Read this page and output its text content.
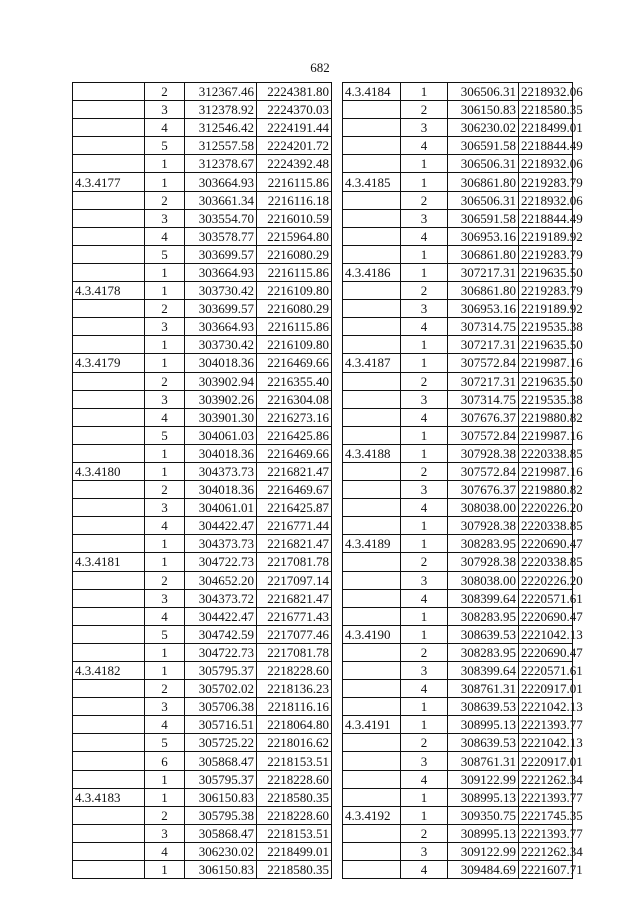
682
	2	312367.46	2224381.80
	3	312378.92	2224370.03
	4	312546.42	2224191.44
	5	312557.58	2224201.72
	1	312378.67	2224392.48
4.3.4177	1	303664.93	2216115.86
	2	303661.34	2216116.18
	3	303554.70	2216010.59
	4	303578.77	2215964.80
	5	303699.57	2216080.29
	1	303664.93	2216115.86
4.3.4178	1	303730.42	2216109.80
	2	303699.57	2216080.29
	3	303664.93	2216115.86
	1	303730.42	2216109.80
4.3.4179	1	304018.36	2216469.66
	2	303902.94	2216355.40
	3	303902.26	2216304.08
	4	303901.30	2216273.16
	5	304061.03	2216425.86
	1	304018.36	2216469.66
4.3.4180	1	304373.73	2216821.47
	2	304018.36	2216469.67
	3	304061.01	2216425.87
	4	304422.47	2216771.44
	1	304373.73	2216821.47
4.3.4181	1	304722.73	2217081.78
	2	304652.20	2217097.14
	3	304373.72	2216821.47
	4	304422.47	2216771.43
	5	304742.59	2217077.46
	1	304722.73	2217081.78
4.3.4182	1	305795.37	2218228.60
	2	305702.02	2218136.23
	3	305706.38	2218116.16
	4	305716.51	2218064.80
	5	305725.22	2218016.62
	6	305868.47	2218153.51
	1	305795.37	2218228.60
4.3.4183	1	306150.83	2218580.35
	2	305795.38	2218228.60
	3	305868.47	2218153.51
	4	306230.02	2218499.01
	1	306150.83	2218580.35
4.3.4184	1	306506.31	2218932.06
	2	306150.83	2218580.35
	3	306230.02	2218499.01
	4	306591.58	2218844.49
	1	306506.31	2218932.06
4.3.4185	1	306861.80	2219283.79
	2	306506.31	2218932.06
	3	306591.58	2218844.49
	4	306953.16	2219189.92
	1	306861.80	2219283.79
4.3.4186	1	307217.31	2219635.50
	2	306861.80	2219283.79
	3	306953.16	2219189.92
	4	307314.75	2219535.38
	1	307217.31	2219635.50
4.3.4187	1	307572.84	2219987.16
	2	307217.31	2219635.50
	3	307314.75	2219535.38
	4	307676.37	2219880.82
	1	307572.84	2219987.16
4.3.4188	1	307928.38	2220338.85
	2	307572.84	2219987.16
	3	307676.37	2219880.82
	4	308038.00	2220226.20
	1	307928.38	2220338.85
4.3.4189	1	308283.95	2220690.47
	2	307928.38	2220338.85
	3	308038.00	2220226.20
	4	308399.64	2220571.61
	1	308283.95	2220690.47
4.3.4190	1	308639.53	2221042.13
	2	308283.95	2220690.47
	3	308399.64	2220571.61
	4	308761.31	2220917.01
	1	308639.53	2221042.13
4.3.4191	1	308995.13	2221393.77
	2	308639.53	2221042.13
	3	308761.31	2220917.01
	4	309122.99	2221262.34
	1	308995.13	2221393.77
4.3.4192	1	309350.75	2221745.35
	2	308995.13	2221393.77
	3	309122.99	2221262.34
	4	309484.69	2221607.71
